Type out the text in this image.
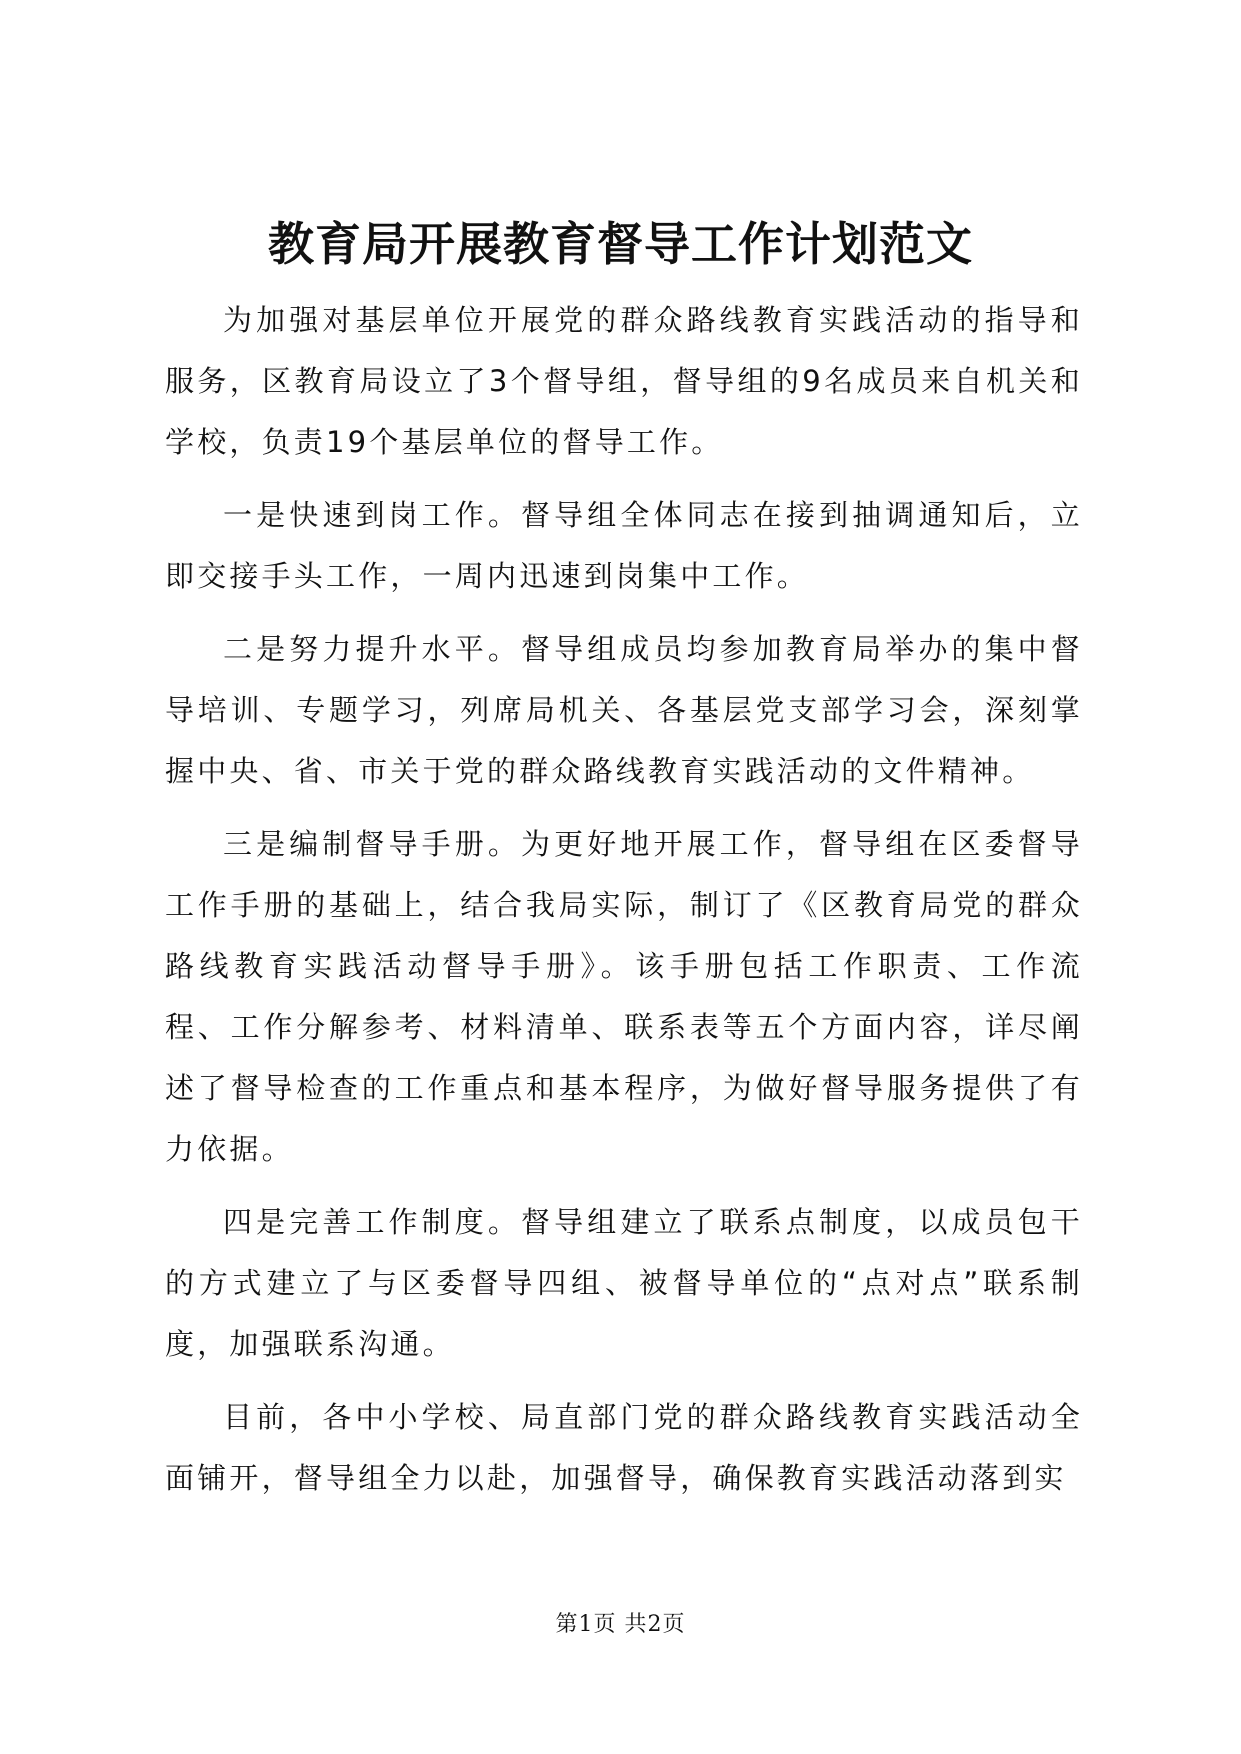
教育局开展教育督导工作计划范文

为加强对基层单位开展党的群众路线教育实践活动的指导和服务，区教育局设立了3个督导组，督导组的9名成员来自机关和学校，负责19个基层单位的督导工作。

一是快速到岗工作。督导组全体同志在接到抽调通知后，立即交接手头工作，一周内迅速到岗集中工作。

二是努力提升水平。督导组成员均参加教育局举办的集中督导培训、专题学习，列席局机关、各基层党支部学习会，深刻掌握中央、省、市关于党的群众路线教育实践活动的文件精神。

三是编制督导手册。为更好地开展工作，督导组在区委督导工作手册的基础上，结合我局实际，制订了《区教育局党的群众路线教育实践活动督导手册》。该手册包括工作职责、工作流程、工作分解参考、材料清单、联系表等五个方面内容，详尽阐述了督导检查的工作重点和基本程序，为做好督导服务提供了有力依据。

四是完善工作制度。督导组建立了联系点制度，以成员包干的方式建立了与区委督导四组、被督导单位的“点对点”联系制度，加强联系沟通。

目前，各中小学校、局直部门党的群众路线教育实践活动全面铺开，督导组全力以赴，加强督导，确保教育实践活动落到实

第1页 共2页
